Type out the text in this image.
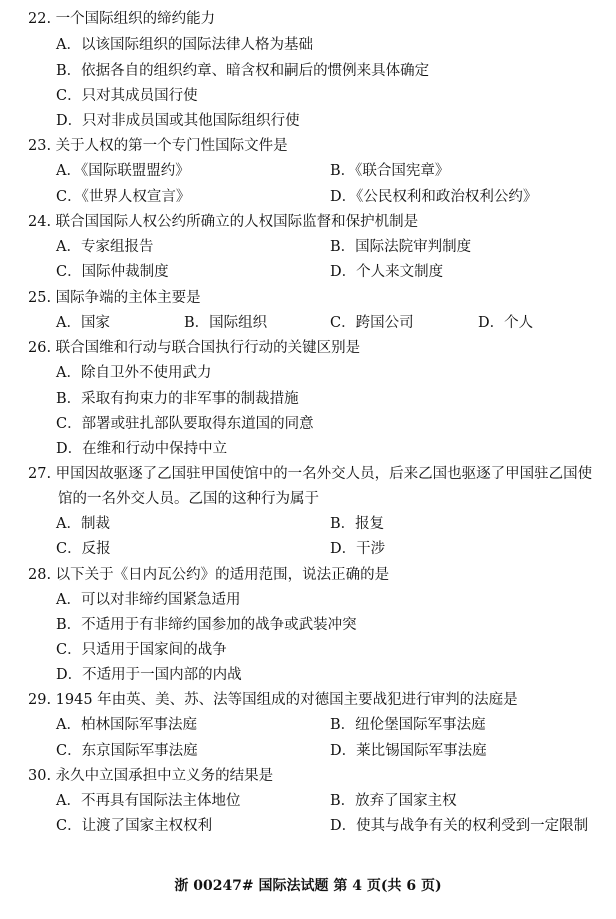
22. 一个国际组织的缔约能力
A．以该国际组织的国际法律人格为基础
B．依据各自的组织约章、暗含权和嗣后的惯例来具体确定
C．只对其成员国行使
D．只对非成员国或其他国际组织行使
23. 关于人权的第一个专门性国际文件是
A．《国际联盟盟约》	B．《联合国宪章》
C．《世界人权宣言》	D．《公民权利和政治权利公约》
24. 联合国国际人权公约所确立的人权国际监督和保护机制是
A．专家组报告	B．国际法院审判制度
C．国际仲裁制度	D．个人来文制度
25. 国际争端的主体主要是
A．国家	B．国际组织	C．跨国公司	D．个人
26. 联合国维和行动与联合国执行行动的关键区别是
A．除自卫外不使用武力
B．采取有拘束力的非军事的制裁措施
C．部署或驻扎部队要取得东道国的同意
D．在维和行动中保持中立
27. 甲国因故驱逐了乙国驻甲国使馆中的一名外交人员，后来乙国也驱逐了甲国驻乙国使
馆的一名外交人员。乙国的这种行为属于
A．制裁	B．报复
C．反报	D．干涉
28. 以下关于《日内瓦公约》的适用范围，说法正确的是
A．可以对非缔约国紧急适用
B．不适用于有非缔约国参加的战争或武装冲突
C．只适用于国家间的战争
D．不适用于一国内部的内战
29. 1945 年由英、美、苏、法等国组成的对德国主要战犯进行审判的法庭是
A．柏林国际军事法庭	B．纽伦堡国际军事法庭
C．东京国际军事法庭	D．莱比锡国际军事法庭
30. 永久中立国承担中立义务的结果是
A．不再具有国际法主体地位	B．放弃了国家主权
C．让渡了国家主权权利	D．使其与战争有关的权利受到一定限制
浙 00247# 国际法试题 第 4 页(共 6 页)
